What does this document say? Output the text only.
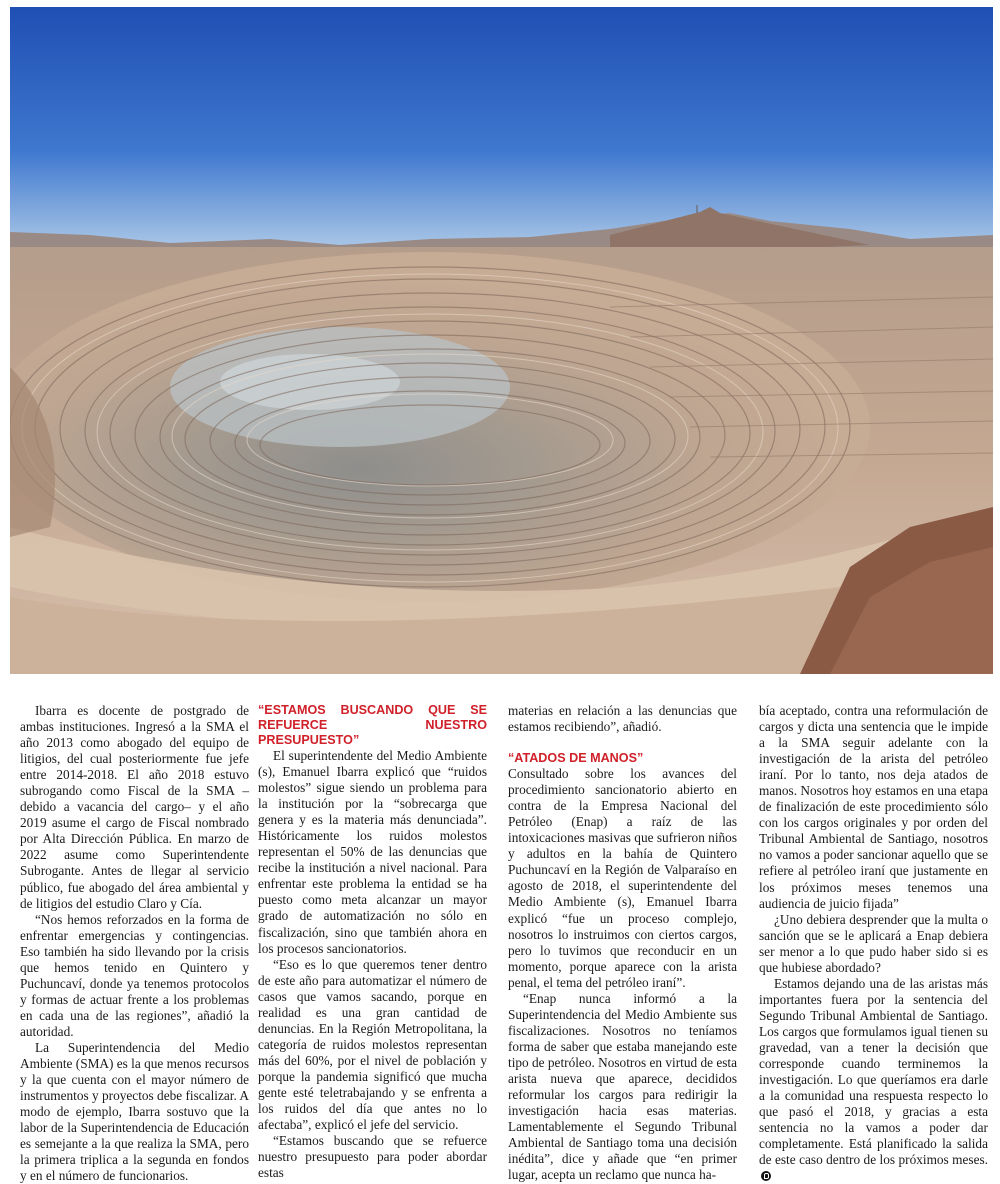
Ibarra es docente de postgrado de ambas instituciones. Ingresó a la SMA el año 2013 como abogado del equipo de litigios, del cual posteriormente fue jefe entre 2014-2018. El año 2018 estuvo subrogando como Fiscal de la SMA –debido a vacancia del cargo– y el año 2019 asume el cargo de Fiscal nombrado por Alta Dirección Pública. En marzo de 2022 asume como Superintendente Subrogante. Antes de llegar al servicio público, fue abogado del área ambiental y de litigios del estudio Claro y Cía.

“Nos hemos reforzados en la forma de enfrentar emergencias y contingencias. Eso también ha sido llevando por la crisis que hemos tenido en Quintero y Puchuncaví, donde ya tenemos protocolos y formas de actuar frente a los problemas en cada una de las regiones”, añadió la autoridad.

La Superintendencia del Medio Ambiente (SMA) es la que menos recursos y la que cuenta con el mayor número de instrumentos y proyectos debe fiscalizar. A modo de ejemplo, Ibarra sostuvo que la labor de la Superintendencia de Educación es semejante a la que realiza la SMA, pero la primera triplica a la segunda en fondos y en el número de funcionarios.

“ESTAMOS BUSCANDO QUE SE REFUERCE NUESTRO PRESUPUESTO”

El superintendente del Medio Ambiente (s), Emanuel Ibarra explicó que “ruidos molestos” sigue siendo un problema para la institución por la “sobrecarga que genera y es la materia más denunciada”. Históricamente los ruidos molestos representan el 50% de las denuncias que recibe la institución a nivel nacional. Para enfrentar este problema la entidad se ha puesto como meta alcanzar un mayor grado de automatización no sólo en fiscalización, sino que también ahora en los procesos sancionatorios.

“Eso es lo que queremos tener dentro de este año para automatizar el número de casos que vamos sacando, porque en realidad es una gran cantidad de denuncias. En la Región Metropolitana, la categoría de ruidos molestos representan más del 60%, por el nivel de población y porque la pandemia significó que mucha gente esté teletrabajando y se enfrenta a los ruidos del día que antes no lo afectaba”, explicó el jefe del servicio.

“Estamos buscando que se refuerce nuestro presupuesto para poder abordar estas

materias en relación a las denuncias que estamos recibiendo”, añadió.

“ATADOS DE MANOS”

Consultado sobre los avances del procedimiento sancionatorio abierto en contra de la Empresa Nacional del Petróleo (Enap) a raíz de las intoxicaciones masivas que sufrieron niños y adultos en la bahía de Quintero Puchuncaví en la Región de Valparaíso en agosto de 2018, el superintendente del Medio Ambiente (s), Emanuel Ibarra explicó “fue un proceso complejo, nosotros lo instruimos con ciertos cargos, pero lo tuvimos que reconducir en un momento, porque aparece con la arista penal, el tema del petróleo iraní”.

“Enap nunca informó a la Superintendencia del Medio Ambiente sus fiscalizaciones. Nosotros no teníamos forma de saber que estaba manejando este tipo de petróleo. Nosotros en virtud de esta arista nueva que aparece, decididos reformular los cargos para redirigir la investigación hacia esas materias. Lamentablemente el Segundo Tribunal Ambiental de Santiago toma una decisión inédita”, dice y añade que “en primer lugar, acepta un reclamo que nunca ha-

bía aceptado, contra una reformulación de cargos y dicta una sentencia que le impide a la SMA seguir adelante con la investigación de la arista del petróleo iraní. Por lo tanto, nos deja atados de manos. Nosotros hoy estamos en una etapa de finalización de este procedimiento sólo con los cargos originales y por orden del Tribunal Ambiental de Santiago, nosotros no vamos a poder sancionar aquello que se refiere al petróleo iraní que justamente en los próximos meses tenemos una audiencia de juicio fijada”

¿Uno debiera desprender que la multa o sanción que se le aplicará a Enap debiera ser menor a lo que pudo haber sido si es que hubiese abordado?

Estamos dejando una de las aristas más importantes fuera por la sentencia del Segundo Tribunal Ambiental de Santiago. Los cargos que formulamos igual tienen su gravedad, van a tener la decisión que corresponde cuando terminemos la investigación. Lo que queríamos era darle a la comunidad una respuesta respecto lo que pasó el 2018, y gracias a esta sentencia no la vamos a poder dar completamente. Está planificado la salida de este caso dentro de los próximos meses.
